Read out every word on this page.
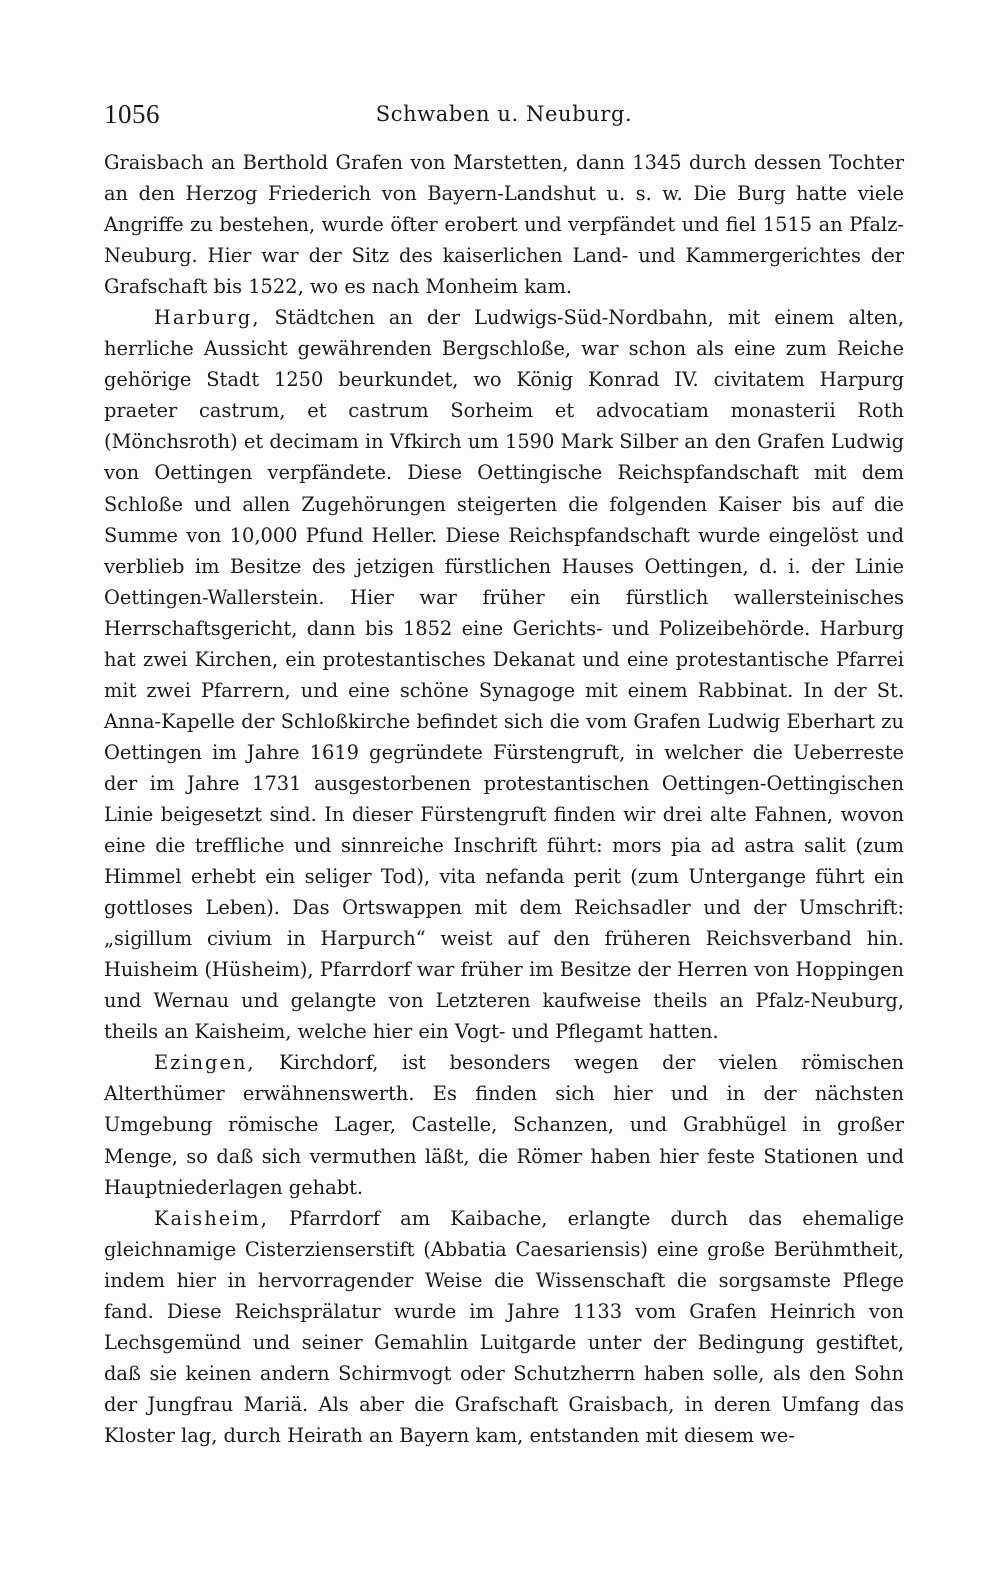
1056	Schwaben u. Neuburg.

Graisbach an Berthold Grafen von Marstetten, dann 1345 durch dessen Tochter an den Herzog Friederich von Bayern-Landshut u. s. w. Die Burg hatte viele Angriffe zu bestehen, wurde öfter erobert und verpfändet und fiel 1515 an Pfalz-Neuburg. Hier war der Sitz des kaiserlichen Land- und Kammergerichtes der Grafschaft bis 1522, wo es nach Monheim kam.

Harburg, Städtchen an der Ludwigs-Süd-Nordbahn, mit einem alten, herrliche Aussicht gewährenden Bergschloße, war schon als eine zum Reiche gehörige Stadt 1250 beurkundet, wo König Konrad IV. civitatem Harpurg praeter castrum, et castrum Sorheim et advocatiam monasterii Roth (Mönchsroth) et decimam in Vfkirch um 1590 Mark Silber an den Grafen Ludwig von Oettingen verpfändete. Diese Oettingische Reichspfandschaft mit dem Schloße und allen Zugehörungen steigerten die folgenden Kaiser bis auf die Summe von 10,000 Pfund Heller. Diese Reichspfandschaft wurde eingelöst und verblieb im Besitze des jetzigen fürstlichen Hauses Oettingen, d. i. der Linie Oettingen-Wallerstein. Hier war früher ein fürstlich wallersteinisches Herrschaftsgericht, dann bis 1852 eine Gerichts- und Polizeibehörde. Harburg hat zwei Kirchen, ein protestantisches Dekanat und eine protestantische Pfarrei mit zwei Pfarrern, und eine schöne Synagoge mit einem Rabbinat. In der St. Anna-Kapelle der Schloßkirche befindet sich die vom Grafen Ludwig Eberhart zu Oettingen im Jahre 1619 gegründete Fürstengruft, in welcher die Ueberreste der im Jahre 1731 ausgestorbenen protestantischen Oettingen-Oettingischen Linie beigesetzt sind. In dieser Fürstengruft finden wir drei alte Fahnen, wovon eine die treffliche und sinnreiche Inschrift führt: mors pia ad astra salit (zum Himmel erhebt ein seliger Tod), vita nefanda perit (zum Untergange führt ein gottloses Leben). Das Ortswappen mit dem Reichsadler und der Umschrift: „sigillum civium in Harpurch“ weist auf den früheren Reichsverband hin. Huisheim (Hüsheim), Pfarrdorf war früher im Besitze der Herren von Hoppingen und Wernau und gelangte von Letzteren kaufweise theils an Pfalz-Neuburg, theils an Kaisheim, welche hier ein Vogt- und Pflegamt hatten.

Ezingen, Kirchdorf, ist besonders wegen der vielen römischen Alterthümer erwähnenswerth. Es finden sich hier und in der nächsten Umgebung römische Lager, Castelle, Schanzen, und Grabhügel in großer Menge, so daß sich vermuthen läßt, die Römer haben hier feste Stationen und Hauptniederlagen gehabt.

Kaisheim, Pfarrdorf am Kaibache, erlangte durch das ehemalige gleichnamige Cisterzienserstift (Abbatia Caesariensis) eine große Berühmtheit, indem hier in hervorragender Weise die Wissenschaft die sorgsamste Pflege fand. Diese Reichsprälatur wurde im Jahre 1133 vom Grafen Heinrich von Lechsgemünd und seiner Gemahlin Luitgarde unter der Bedingung gestiftet, daß sie keinen andern Schirmvogt oder Schutzherrn haben solle, als den Sohn der Jungfrau Mariä. Als aber die Grafschaft Graisbach, in deren Umfang das Kloster lag, durch Heirath an Bayern kam, entstanden mit diesem we-
